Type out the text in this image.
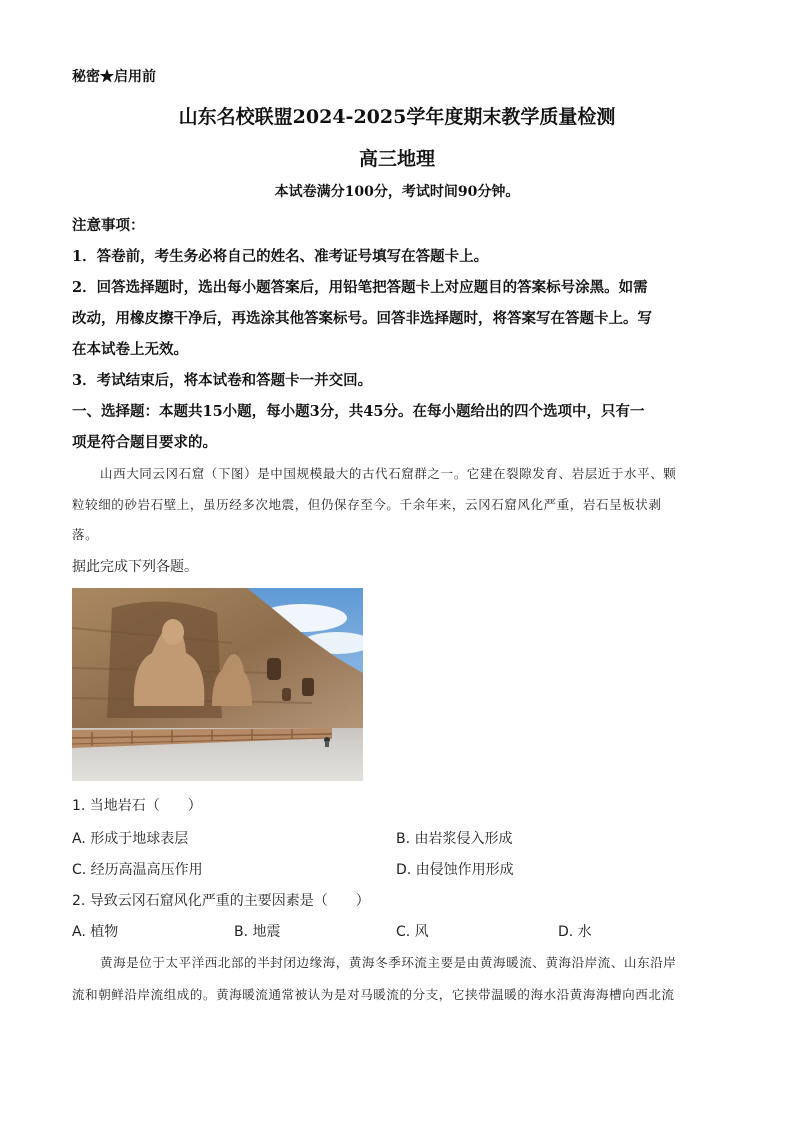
秘密★启用前
山东名校联盟2024-2025学年度期末教学质量检测
高三地理
本试卷满分100分，考试时间90分钟。
注意事项：
1．答卷前，考生务必将自己的姓名、准考证号填写在答题卡上。
2．回答选择题时，选出每小题答案后，用铅笔把答题卡上对应题目的答案标号涂黑。如需
改动，用橡皮擦干净后，再选涂其他答案标号。回答非选择题时，将答案写在答题卡上。写
在本试卷上无效。
3．考试结束后，将本试卷和答题卡一并交回。
一、选择题：本题共15小题，每小题3分，共45分。在每小题给出的四个选项中，只有一
项是符合题目要求的。
山西大同云冈石窟（下图）是中国规模最大的古代石窟群之一。它建在裂隙发育、岩层近于水平、颗
粒较细的砂岩石壁上，虽历经多次地震，但仍保存至今。千余年来，云冈石窟风化严重，岩石呈板状剥
落。
据此完成下列各题。
1. 当地岩石（　　）
A. 形成于地球表层	B. 由岩浆侵入形成
C. 经历高温高压作用	D. 由侵蚀作用形成
2. 导致云冈石窟风化严重的主要因素是（　　）
A. 植物	B. 地震	C. 风	D. 水
黄海是位于太平洋西北部的半封闭边缘海，黄海冬季环流主要是由黄海暖流、黄海沿岸流、山东沿岸
流和朝鲜沿岸流组成的。黄海暖流通常被认为是对马暖流的分支，它挟带温暖的海水沿黄海海槽向西北流
